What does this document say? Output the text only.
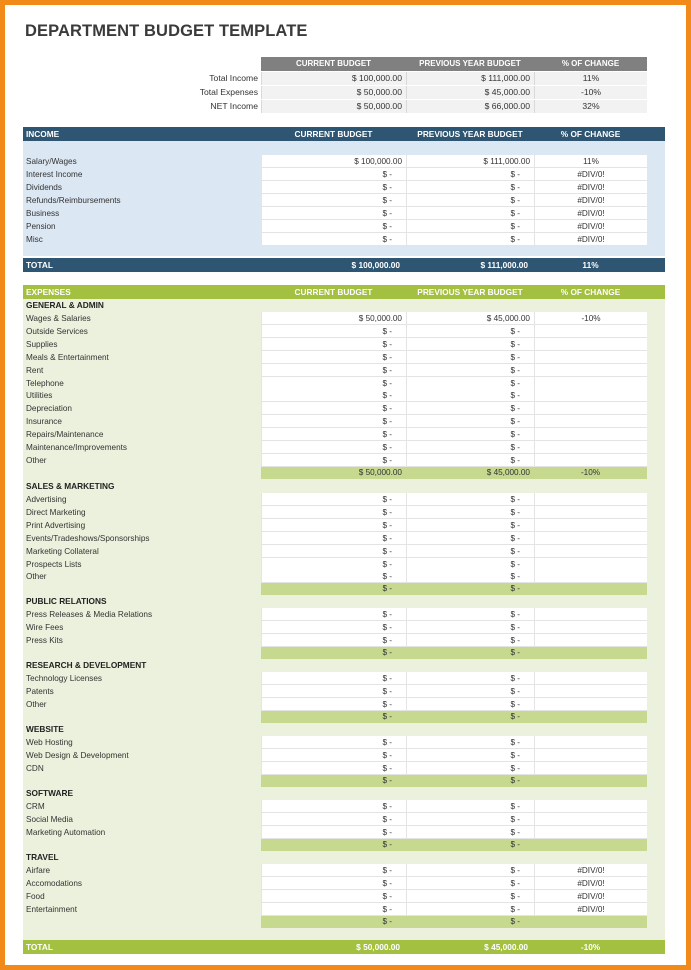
DEPARTMENT BUDGET TEMPLATE
CURRENT BUDGET	PREVIOUS YEAR BUDGET	% OF CHANGE
Total Income	$ 100,000.00	$ 111,000.00	11%
Total Expenses	$ 50,000.00	$ 45,000.00	-10%
NET Income	$ 50,000.00	$ 66,000.00	32%
INCOME	CURRENT BUDGET	PREVIOUS YEAR BUDGET	% OF CHANGE
Salary/Wages	$ 100,000.00	$ 111,000.00	11%
Interest Income	$ -	$ -	#DIV/0!
Dividends	$ -	$ -	#DIV/0!
Refunds/Reimbursements	$ -	$ -	#DIV/0!
Business	$ -	$ -	#DIV/0!
Pension	$ -	$ -	#DIV/0!
Misc	$ -	$ -	#DIV/0!
TOTAL	$ 100,000.00	$ 111,000.00	11%
EXPENSES	CURRENT BUDGET	PREVIOUS YEAR BUDGET	% OF CHANGE
GENERAL & ADMIN
Wages & Salaries	$ 50,000.00	$ 45,000.00	-10%
Outside Services	$ -	$ -
Supplies	$ -	$ -
Meals & Entertainment	$ -	$ -
Rent	$ -	$ -
Telephone	$ -	$ -
Utilities	$ -	$ -
Depreciation	$ -	$ -
Insurance	$ -	$ -
Repairs/Maintenance	$ -	$ -
Maintenance/Improvements	$ -	$ -
Other	$ -	$ -
$ 50,000.00	$ 45,000.00	-10%
SALES & MARKETING
Advertising	$ -	$ -
Direct Marketing	$ -	$ -
Print Advertising	$ -	$ -
Events/Tradeshows/Sponsorships	$ -	$ -
Marketing Collateral	$ -	$ -
Prospects Lists	$ -	$ -
Other	$ -	$ -
$ -	$ -
PUBLIC RELATIONS
Press Releases & Media Relations	$ -	$ -
Wire Fees	$ -	$ -
Press Kits	$ -	$ -
$ -	$ -
RESEARCH & DEVELOPMENT
Technology Licenses	$ -	$ -
Patents	$ -	$ -
Other	$ -	$ -
$ -	$ -
WEBSITE
Web Hosting	$ -	$ -
Web Design & Development	$ -	$ -
CDN	$ -	$ -
$ -	$ -
SOFTWARE
CRM	$ -	$ -
Social Media	$ -	$ -
Marketing Automation	$ -	$ -
$ -	$ -
TRAVEL
Airfare	$ -	$ -	#DIV/0!
Accomodations	$ -	$ -	#DIV/0!
Food	$ -	$ -	#DIV/0!
Entertainment	$ -	$ -	#DIV/0!
$ -	$ -
TOTAL	$ 50,000.00	$ 45,000.00	-10%
